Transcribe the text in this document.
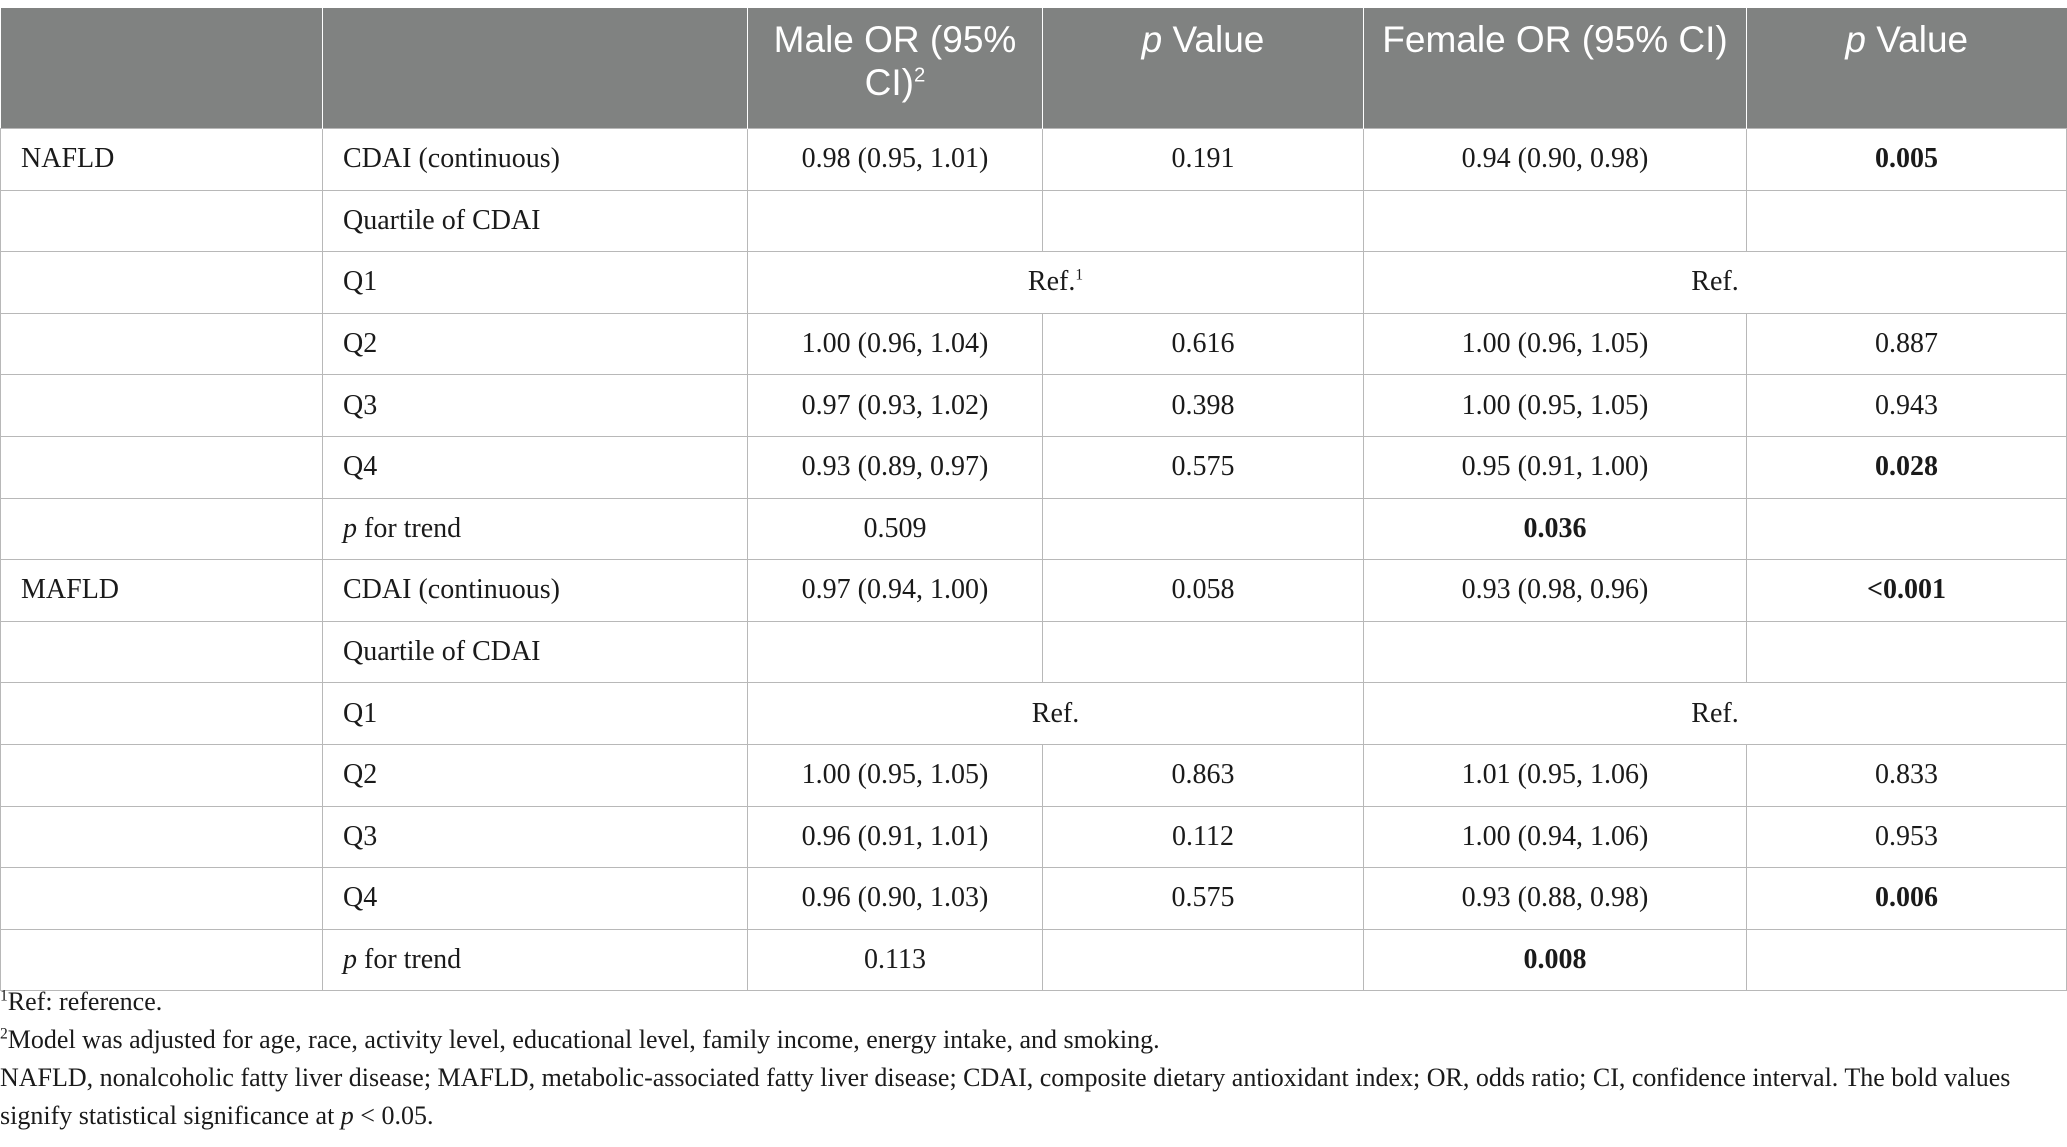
		Male OR (95% CI)$^2$	p Value	Female OR (95% CI)	p Value
NAFLD	CDAI (continuous)	0.98 (0.95, 1.01)	0.191	0.94 (0.90, 0.98)	0.005
	Quartile of CDAI				
	Q1	Ref.$^1$		Ref.	
	Q2	1.00 (0.96, 1.04)	0.616	1.00 (0.96, 1.05)	0.887
	Q3	0.97 (0.93, 1.02)	0.398	1.00 (0.95, 1.05)	0.943
	Q4	0.93 (0.89, 0.97)	0.575	0.95 (0.91, 1.00)	0.028
	p for trend	0.509		0.036	
MAFLD	CDAI (continuous)	0.97 (0.94, 1.00)	0.058	0.93 (0.98, 0.96)	<0.001
	Quartile of CDAI				
	Q1	Ref.		Ref.	
	Q2	1.00 (0.95, 1.05)	0.863	1.01 (0.95, 1.06)	0.833
	Q3	0.96 (0.91, 1.01)	0.112	1.00 (0.94, 1.06)	0.953
	Q4	0.96 (0.90, 1.03)	0.575	0.93 (0.88, 0.98)	0.006
	p for trend	0.113		0.008	

$^1$Ref: reference.

$^2$Model was adjusted for age, race, activity level, educational level, family income, energy intake, and smoking.

NAFLD, nonalcoholic fatty liver disease; MAFLD, metabolic-associated fatty liver disease; CDAI, composite dietary antioxidant index; OR, odds ratio; CI, confidence interval. The bold values signify statistical significance at p < 0.05.
